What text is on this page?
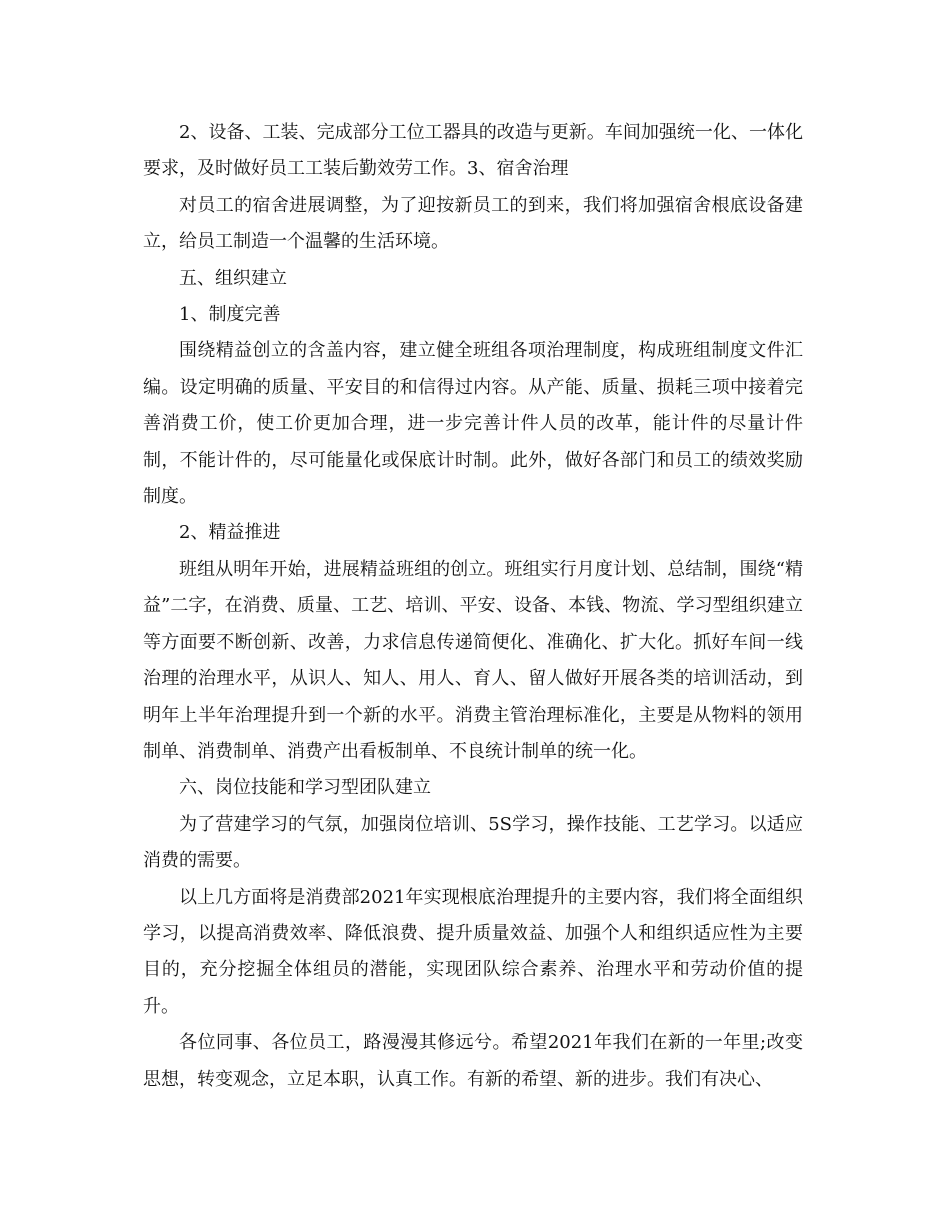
2、设备、工装、完成部分工位工器具的改造与更新。车间加强统一化、一体化要求，及时做好员工工装后勤效劳工作。3、宿舍治理

对员工的宿舍进展调整，为了迎按新员工的到来，我们将加强宿舍根底设备建立，给员工制造一个温馨的生活环境。

五、组织建立

1、制度完善

围绕精益创立的含盖内容，建立健全班组各项治理制度，构成班组制度文件汇编。设定明确的质量、平安目的和信得过内容。从产能、质量、损耗三项中接着完善消费工价，使工价更加合理，进一步完善计件人员的改革，能计件的尽量计件制，不能计件的，尽可能量化或保底计时制。此外，做好各部门和员工的绩效奖励制度。

2、精益推进

班组从明年开始，进展精益班组的创立。班组实行月度计划、总结制，围绕“精益”二字，在消费、质量、工艺、培训、平安、设备、本钱、物流、学习型组织建立等方面要不断创新、改善，力求信息传递简便化、准确化、扩大化。抓好车间一线治理的治理水平，从识人、知人、用人、育人、留人做好开展各类的培训活动，到明年上半年治理提升到一个新的水平。消费主管治理标准化，主要是从物料的领用制单、消费制单、消费产出看板制单、不良统计制单的统一化。

六、岗位技能和学习型团队建立

为了营建学习的气氛，加强岗位培训、5S学习，操作技能、工艺学习。以适应消费的需要。

以上几方面将是消费部2021年实现根底治理提升的主要内容，我们将全面组织学习，以提高消费效率、降低浪费、提升质量效益、加强个人和组织适应性为主要目的，充分挖掘全体组员的潜能，实现团队综合素养、治理水平和劳动价值的提升。

各位同事、各位员工，路漫漫其修远兮。希望2021年我们在新的一年里;改变思想，转变观念，立足本职，认真工作。有新的希望、新的进步。我们有决心、
